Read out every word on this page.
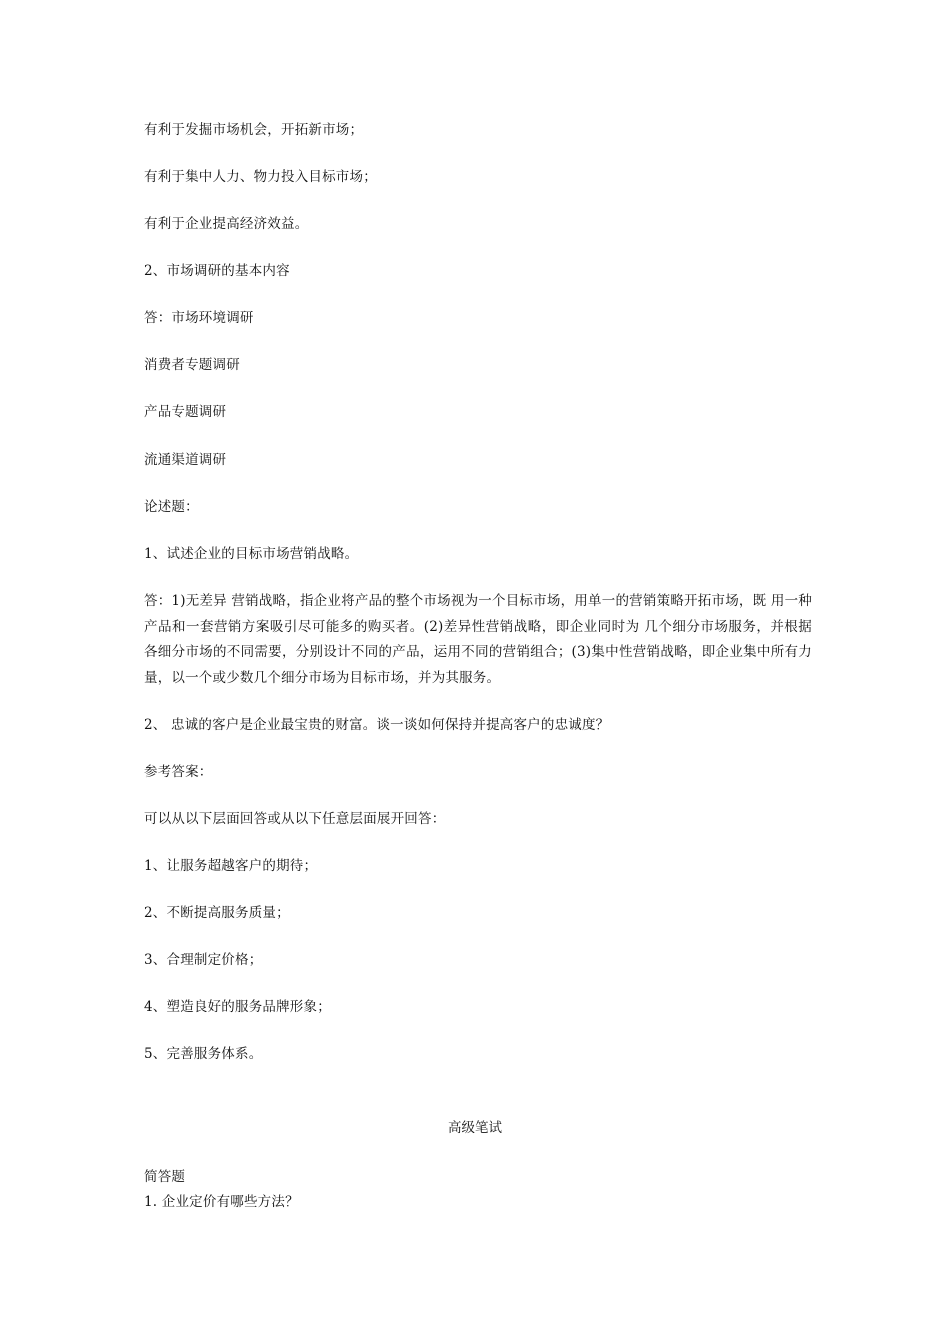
有利于发掘市场机会，开拓新市场；
有利于集中人力、物力投入目标市场；
有利于企业提高经济效益。
2、市场调研的基本内容
答：市场环境调研
消费者专题调研
产品专题调研
流通渠道调研
论述题：
1、试述企业的目标市场营销战略。
答：1)无差异 营销战略，指企业将产品的整个市场视为一个目标市场，用单一的营销策略开拓市场，既 用一种产品和一套营销方案吸引尽可能多的购买者。(2)差异性营销战略，即企业同时为 几个细分市场服务，并根据各细分市场的不同需要，分别设计不同的产品，运用不同的营销组合；(3)集中性营销战略，即企业集中所有力量，以一个或少数几个细分市场为目标市场，并为其服务。
2、 忠诚的客户是企业最宝贵的财富。谈一谈如何保持并提高客户的忠诚度？
参考答案：
可以从以下层面回答或从以下任意层面展开回答：
1、让服务超越客户的期待；
2、不断提高服务质量；
3、合理制定价格；
4、塑造良好的服务品牌形象；
5、完善服务体系。
高级笔试
简答题
1. 企业定价有哪些方法？
